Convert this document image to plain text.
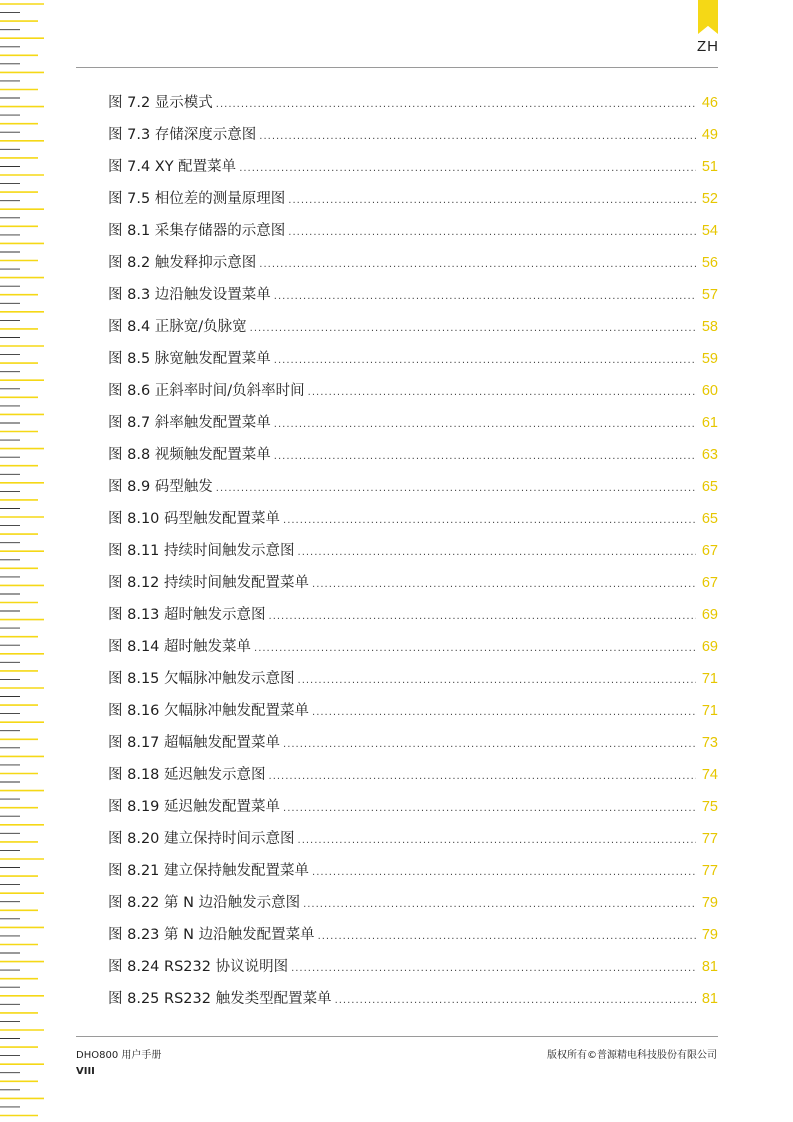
ZH
图 7.2 显示模式 .....	46
图 7.3 存储深度示意图 .....	49
图 7.4 XY 配置菜单 .....	51
图 7.5 相位差的测量原理图 .....	52
图 8.1 采集存储器的示意图 .....	54
图 8.2 触发释抑示意图 .....	56
图 8.3 边沿触发设置菜单 .....	57
图 8.4 正脉宽/负脉宽 .....	58
图 8.5 脉宽触发配置菜单 .....	59
图 8.6 正斜率时间/负斜率时间 .....	60
图 8.7 斜率触发配置菜单 .....	61
图 8.8 视频触发配置菜单 .....	63
图 8.9 码型触发 .....	65
图 8.10 码型触发配置菜单 .....	65
图 8.11 持续时间触发示意图 .....	67
图 8.12 持续时间触发配置菜单 .....	67
图 8.13 超时触发示意图 .....	69
图 8.14 超时触发菜单 .....	69
图 8.15 欠幅脉冲触发示意图 .....	71
图 8.16 欠幅脉冲触发配置菜单 .....	71
图 8.17 超幅触发配置菜单 .....	73
图 8.18 延迟触发示意图 .....	74
图 8.19 延迟触发配置菜单 .....	75
图 8.20 建立保持时间示意图 .....	77
图 8.21 建立保持触发配置菜单 .....	77
图 8.22 第 N 边沿触发示意图 .....	79
图 8.23 第 N 边沿触发配置菜单 .....	79
图 8.24 RS232 协议说明图 .....	81
图 8.25 RS232 触发类型配置菜单 .....	81
DHO800 用户手册	版权所有©普源精电科技股份有限公司
VIII
